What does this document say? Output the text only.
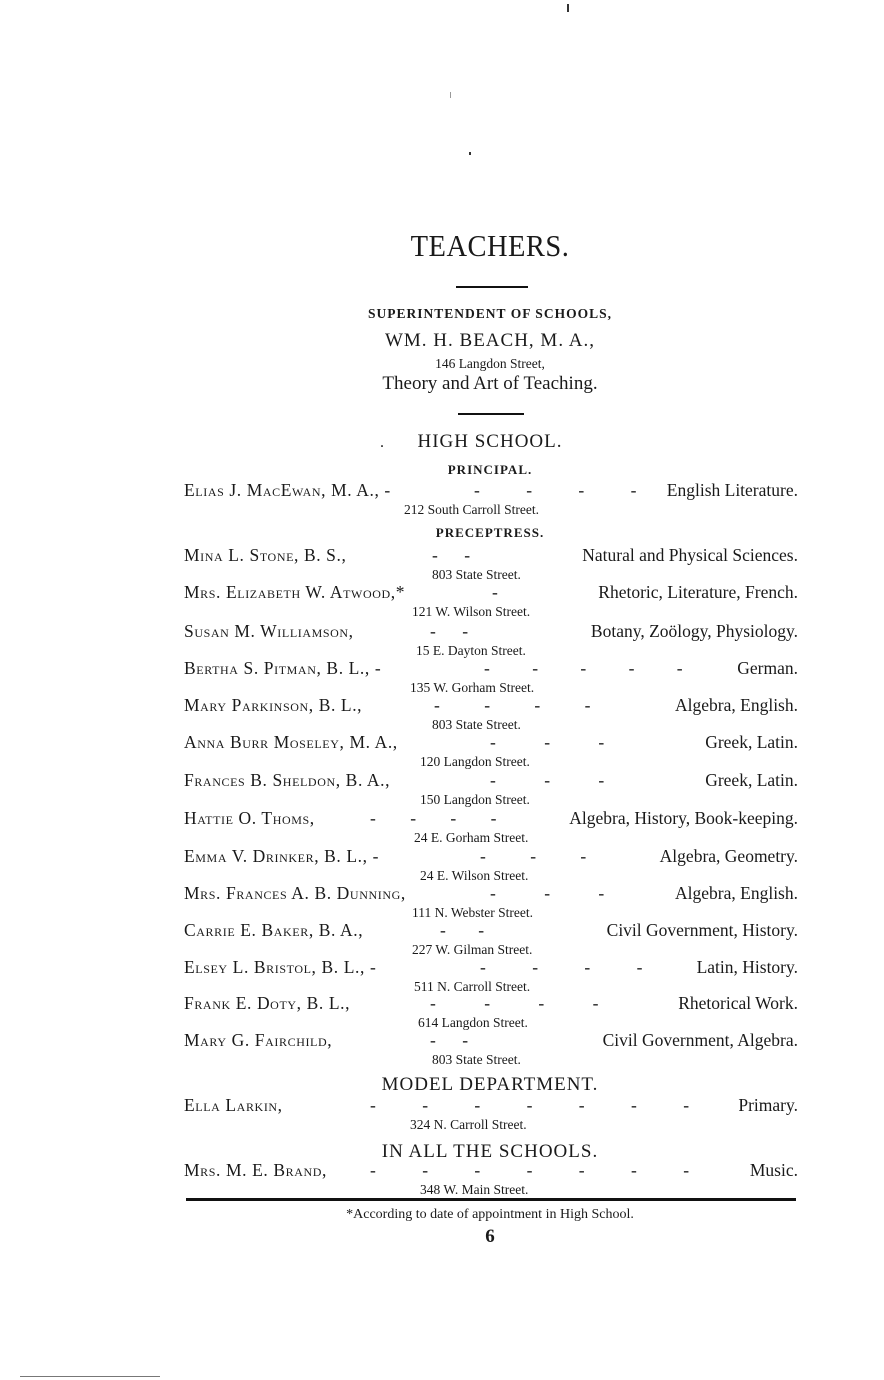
TEACHERS.
SUPERINTENDENT OF SCHOOLS,
WM. H. BEACH, M. A.,
146 Langdon Street,
Theory and Art of Teaching.
.	HIGH SCHOOL.
PRINCIPAL.
Elias J. MacEwan, M. A., -	- - - - English Literature.
212 South Carroll Street.
PRECEPTRESS.
Mina L. Stone, B. S.,	- -	Natural and Physical Sciences.
803 State Street.
Mrs. Elizabeth W. Atwood,*	-	Rhetoric, Literature, French.
121 W. Wilson Street.
Susan M. Williamson,	- -	Botany, Zoölogy, Physiology.
15 E. Dayton Street.
Bertha S. Pitman, B. L., -	- - - - -	German.
135 W. Gorham Street.
Mary Parkinson, B. L.,	- - - -	Algebra, English.
803 State Street.
Anna Burr Moseley, M. A.,	- - -	Greek, Latin.
120 Langdon Street.
Frances B. Sheldon, B. A.,	- - -	Greek, Latin.
150 Langdon Street.
Hattie O. Thoms,	- - - -	Algebra, History, Book-keeping.
24 E. Gorham Street.
Emma V. Drinker, B. L., -	- - -	Algebra, Geometry.
24 E. Wilson Street.
Mrs. Frances A. B. Dunning,	- - -	Algebra, English.
111 N. Webster Street.
Carrie E. Baker, B. A.,	- -	Civil Government, History.
227 W. Gilman Street.
Elsey L. Bristol, B. L., -	- - - -	Latin, History.
511 N. Carroll Street.
Frank E. Doty, B. L.,	- - - -	Rhetorical Work.
614 Langdon Street.
Mary G. Fairchild,	- -	Civil Government, Algebra.
803 State Street.
MODEL DEPARTMENT.
Ella Larkin,	- - - - - - -	Primary.
324 N. Carroll Street.
IN ALL THE SCHOOLS.
Mrs. M. E. Brand, - - - - - - -	Music.
348 W. Main Street.
*According to date of appointment in High School.
6
